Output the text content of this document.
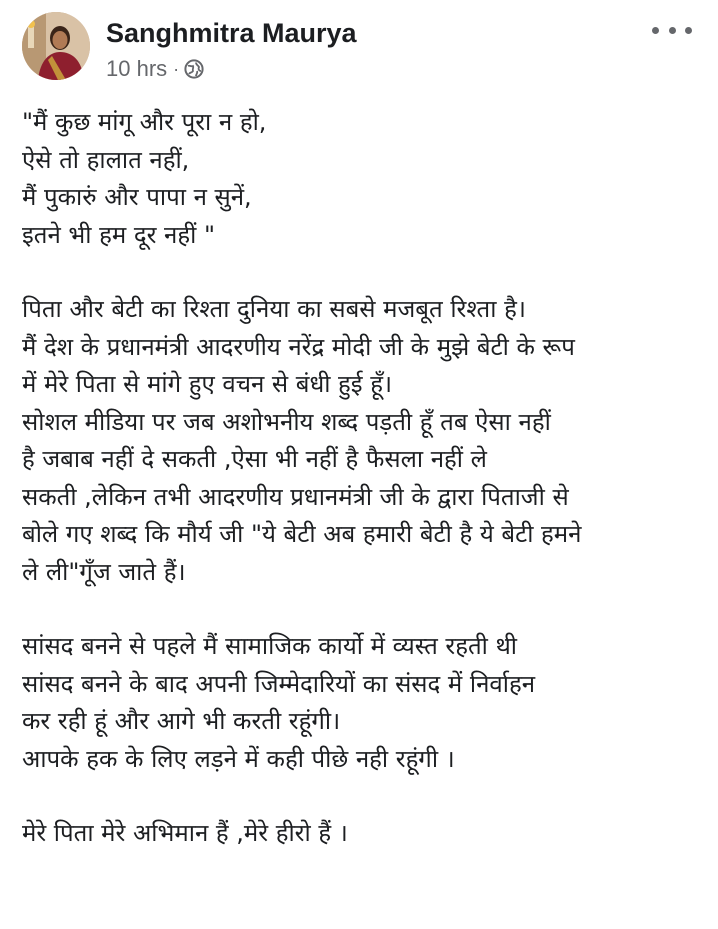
Sanghmitra Maurya
10 hrs ·

"मैं कुछ मांगू और पूरा न हो,
ऐसे तो हालात नहीं,
मैं पुकारुं और पापा न सुनें,
इतने भी हम दूर नहीं "

पिता और बेटी का रिश्ता दुनिया का सबसे मजबूत रिश्ता है।
मैं देश के प्रधानमंत्री आदरणीय नरेंद्र मोदी जी के मुझे बेटी के रूप
में मेरे पिता से मांगे हुए वचन से बंधी हुई हूँ।
सोशल मीडिया पर जब अशोभनीय शब्द पड़ती हूँ तब ऐसा नहीं
है जबाब नहीं दे सकती ,ऐसा भी नहीं है फैसला नहीं ले
सकती ,लेकिन तभी आदरणीय प्रधानमंत्री जी के द्वारा पिताजी से
बोले गए शब्द कि मौर्य जी "ये बेटी अब हमारी बेटी है ये बेटी हमने
ले ली"गूँज जाते हैं।

सांसद बनने से पहले मैं सामाजिक कार्यो में व्यस्त रहती थी
सांसद बनने के बाद अपनी जिम्मेदारियों का संसद में निर्वाहन
कर रही हूं और आगे भी करती रहूंगी।
आपके हक के लिए लड़ने में कही पीछे नही रहूंगी ।

मेरे पिता मेरे अभिमान हैं ,मेरे हीरो हैं ।
